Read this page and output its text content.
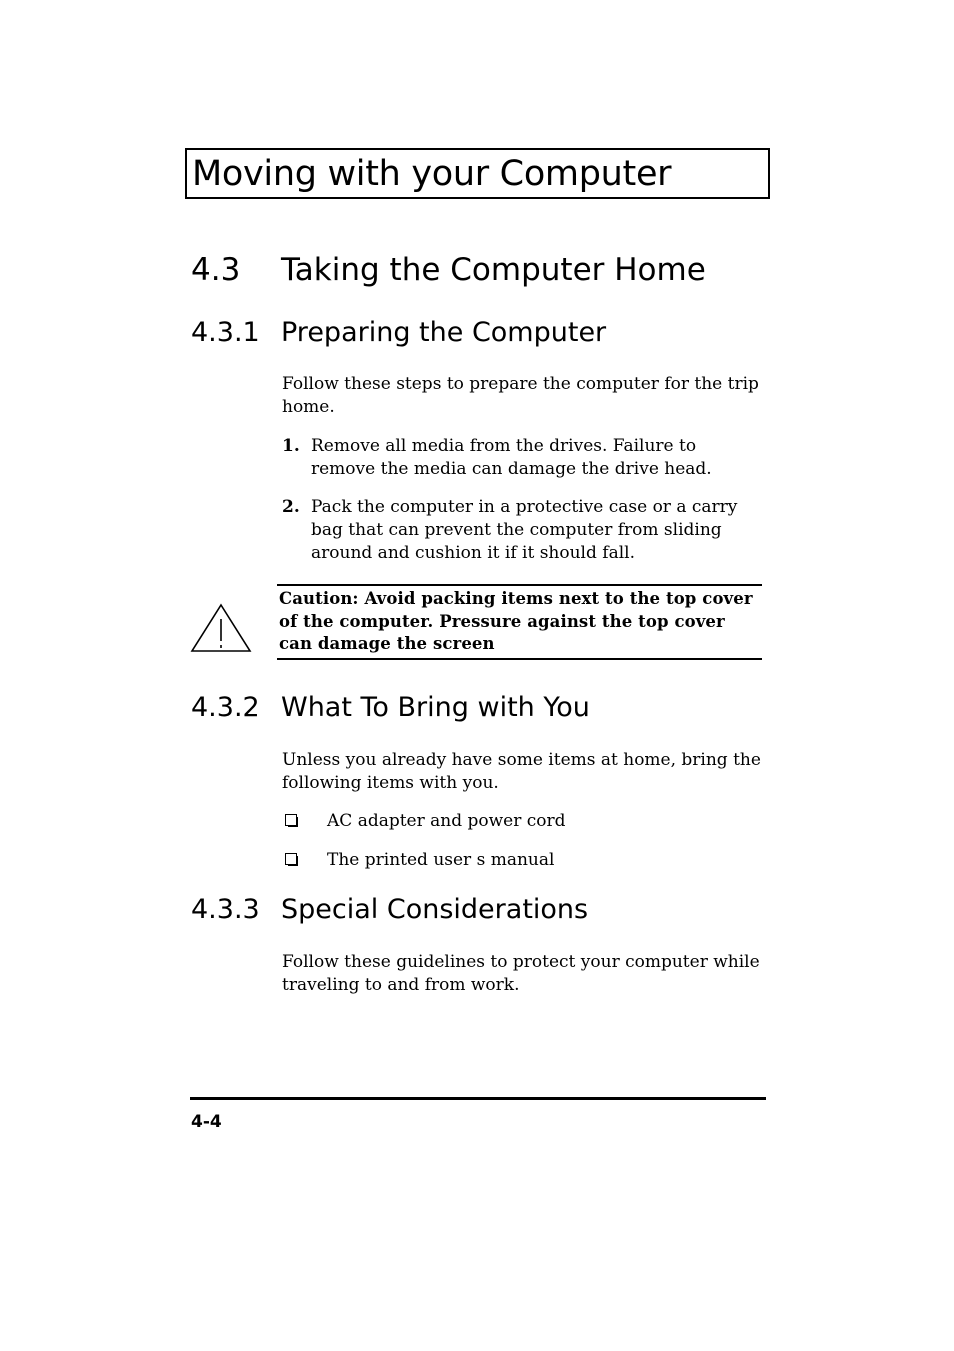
Moving with your Computer
4.3 Taking the Computer Home
4.3.1 Preparing the Computer
Follow these steps to prepare the computer for the trip home.
1. Remove all media from the drives. Failure to remove the media can damage the drive head.
2. Pack the computer in a protective case or a carry bag that can prevent the computer from sliding around and cushion it if it should fall.
Caution: Avoid packing items next to the top cover of the computer. Pressure against the top cover can damage the screen
4.3.2 What To Bring with You
Unless you already have some items at home, bring the following items with you.
AC adapter and power cord
The printed user s manual
4.3.3 Special Considerations
Follow these guidelines to protect your computer while traveling to and from work.
4-4
